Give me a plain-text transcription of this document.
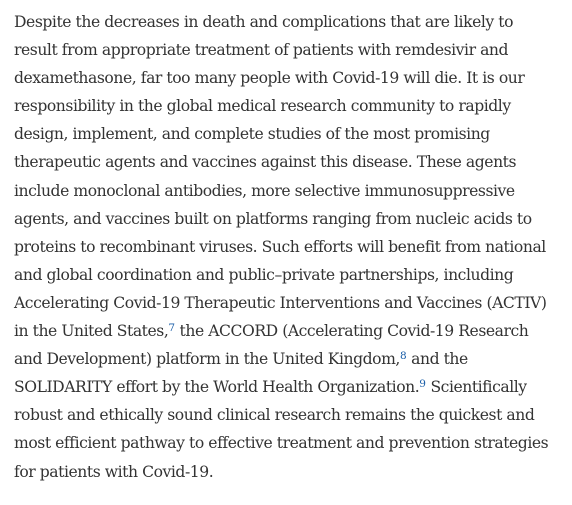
Despite the decreases in death and complications that are likely to
result from appropriate treatment of patients with remdesivir and
dexamethasone, far too many people with Covid-19 will die. It is our
responsibility in the global medical research community to rapidly
design, implement, and complete studies of the most promising
therapeutic agents and vaccines against this disease. These agents
include monoclonal antibodies, more selective immunosuppressive
agents, and vaccines built on platforms ranging from nucleic acids to
proteins to recombinant viruses. Such efforts will benefit from national
and global coordination and public–private partnerships, including
Accelerating Covid-19 Therapeutic Interventions and Vaccines (ACTIV)
in the United States,$^7$ the ACCORD (Accelerating Covid-19 Research
and Development) platform in the United Kingdom,$^8$ and the
SOLIDARITY effort by the World Health Organization.$^9$ Scientifically
robust and ethically sound clinical research remains the quickest and
most efficient pathway to effective treatment and prevention strategies
for patients with Covid-19.
